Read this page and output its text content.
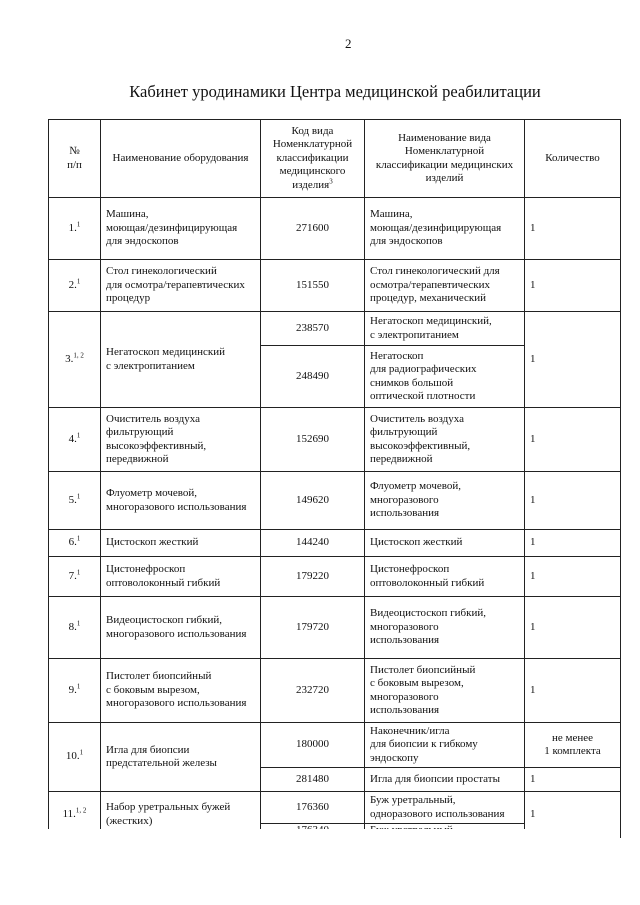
2
Кабинет уродинамики Центра медицинской реабилитации
№
п/п	Наименование оборудования	Код вида
Номенклатурной
классификации
медицинского
изделия$^3$	Наименование вида
Номенклатурной
классификации медицинских
изделий	Количество
1.$^1$	Машина,
моющая/дезинфицирующая
для эндоскопов	271600	Машина,
моющая/дезинфицирующая
для эндоскопов	1
2.$^1$	Стол гинекологический
для осмотра/терапевтических
процедур	151550	Стол гинекологический для
осмотра/терапевтических
процедур, механический	1
3.$^{1, 2}$	Негатоскоп медицинский
с электропитанием	238570	Негатоскоп медицинский,
с электропитанием	1
		248490	Негатоскоп
для радиографических
снимков большой
оптической плотности	
4.$^1$	Очиститель воздуха
фильтрующий
высокоэффективный,
передвижной	152690	Очиститель воздуха
фильтрующий
высокоэффективный,
передвижной	1
5.$^1$	Флуометр мочевой,
многоразового использования	149620	Флуометр мочевой,
многоразового
использования	1
6.$^1$	Цистоскоп жесткий	144240	Цистоскоп жесткий	1
7.$^1$	Цистонефроскоп
оптоволоконный гибкий	179220	Цистонефроскоп
оптоволоконный гибкий	1
8.$^1$	Видеоцистоскоп гибкий,
многоразового использования	179720	Видеоцистоскоп гибкий,
многоразового
использования	1
9.$^1$	Пистолет биопсийный
с боковым вырезом,
многоразового использования	232720	Пистолет биопсийный
с боковым вырезом,
многоразового
использования	1
10.$^1$	Игла для биопсии
предстательной железы	180000	Наконечник/игла
для биопсии к гибкому
эндоскопу	не менее
1 комплекта
		281480	Игла для биопсии простаты	1
11.$^{1, 2}$	Набор уретральных бужей
(жестких)	176360	Буж уретральный,
одноразового использования	1
